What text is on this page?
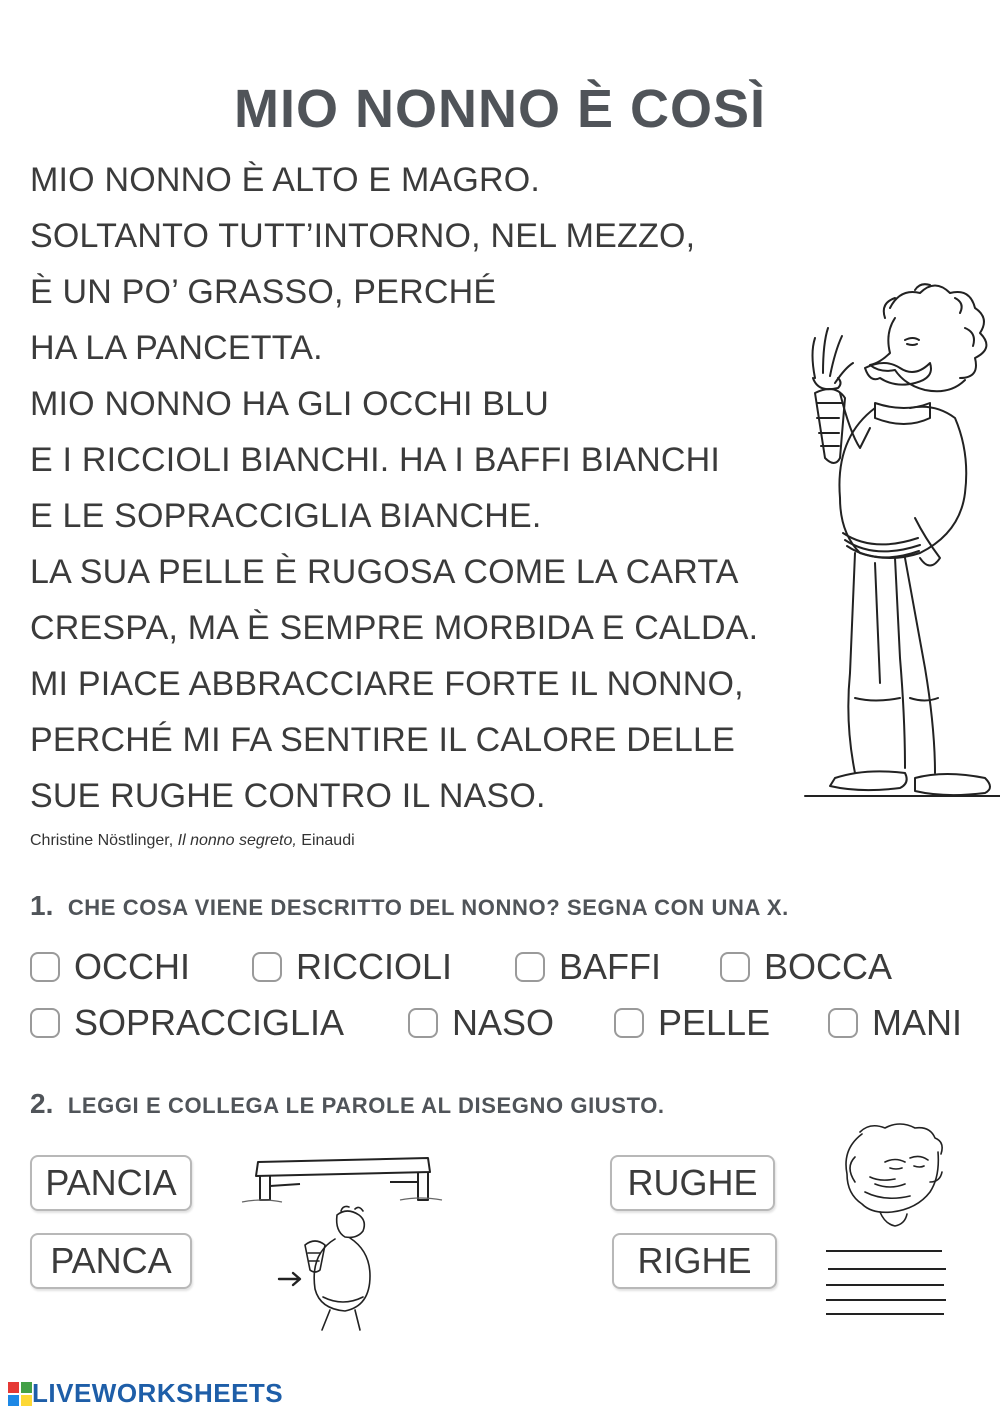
MIO NONNO È COSÌ
MIO NONNO È ALTO E MAGRO.
SOLTANTO TUTT’INTORNO, NEL MEZZO,
È UN PO’ GRASSO, PERCHÉ
HA LA PANCETTA.
MIO NONNO HA GLI OCCHI BLU
E I RICCIOLI BIANCHI. HA I BAFFI BIANCHI
E LE SOPRACCIGLIA BIANCHE.
LA SUA PELLE È RUGOSA COME LA CARTA
CRESPA, MA È SEMPRE MORBIDA E CALDA.
MI PIACE ABBRACCIARE FORTE IL NONNO,
PERCHÉ MI FA SENTIRE IL CALORE DELLE
SUE RUGHE CONTRO IL NASO.
Christine Nöstlinger, Il nonno segreto, Einaudi
1. CHE COSA VIENE DESCRITTO DEL NONNO? SEGNA CON UNA X.
OCCHI	RICCIOLI	BAFFI	BOCCA
SOPRACCIGLIA	NASO	PELLE	MANI
2. LEGGI E COLLEGA LE PAROLE AL DISEGNO GIUSTO.
PANCIA
PANCA
RUGHE
RIGHE
LIVEWORKSHEETS
